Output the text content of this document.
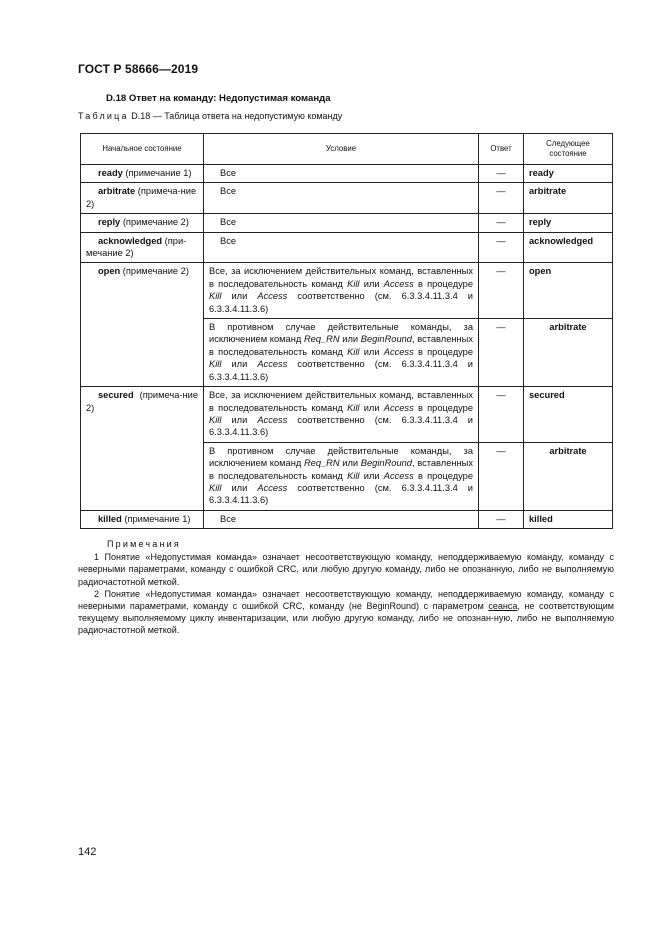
ГОСТ Р 58666—2019
D.18 Ответ на команду: Недопустимая команда
Таблица D.18 — Таблица ответа на недопустимую команду
Начальное состояние	Условие	Ответ	Следующее состояние
ready (примечание 1)	Все	—	ready
arbitrate (примеча-ние 2)	Все	—	arbitrate
reply (примечание 2)	Все	—	reply
acknowledged (при-мечание 2)	Все	—	acknowledged
open (примечание 2)	Все, за исключением действительных команд, вставленных в последовательность команд Kill или Access в процедуре Kill или Access соответственно (см. 6.3.3.4.11.3.4 и 6.3.3.4.11.3.6)	—	open
	В противном случае действительные команды, за исключением команд Req_RN или BeginRound, вставленных в последовательность команд Kill или Access в процедуре Kill или Access соответственно (см. 6.3.3.4.11.3.4 и 6.3.3.4.11.3.6)	—	arbitrate
secured (примеча-ние 2)	Все, за исключением действительных команд, вставленных в последовательность команд Kill или Access в процедуре Kill или Access соответственно (см. 6.3.3.4.11.3.4 и 6.3.3.4.11.3.6)	—	secured
	В противном случае действительные команды, за исключением команд Req_RN или BeginRound, вставленных в последовательность команд Kill или Access в процедуре Kill или Access соответственно (см. 6.3.3.4.11.3.4 и 6.3.3.4.11.3.6)	—	arbitrate
killed (примечание 1)	Все	—	killed
Примечания

1 Понятие «Недопустимая команда» означает несоответствующую команду, неподдерживаемую команду, команду с неверными параметрами, команду с ошибкой CRC, или любую другую команду, либо не опознанную, либо не выполняемую радиочастотной меткой.

2 Понятие «Недопустимая команда» означает несоответствующую команду, неподдерживаемую команду, команду с неверными параметрами, команду с ошибкой CRC, команду (не BeginRound) с параметром сеанса, не соответствующим текущему выполняемому циклу инвентаризации, или любую другую команду, либо не опознан-ную, либо не выполняемую радиочастотной меткой.

142
